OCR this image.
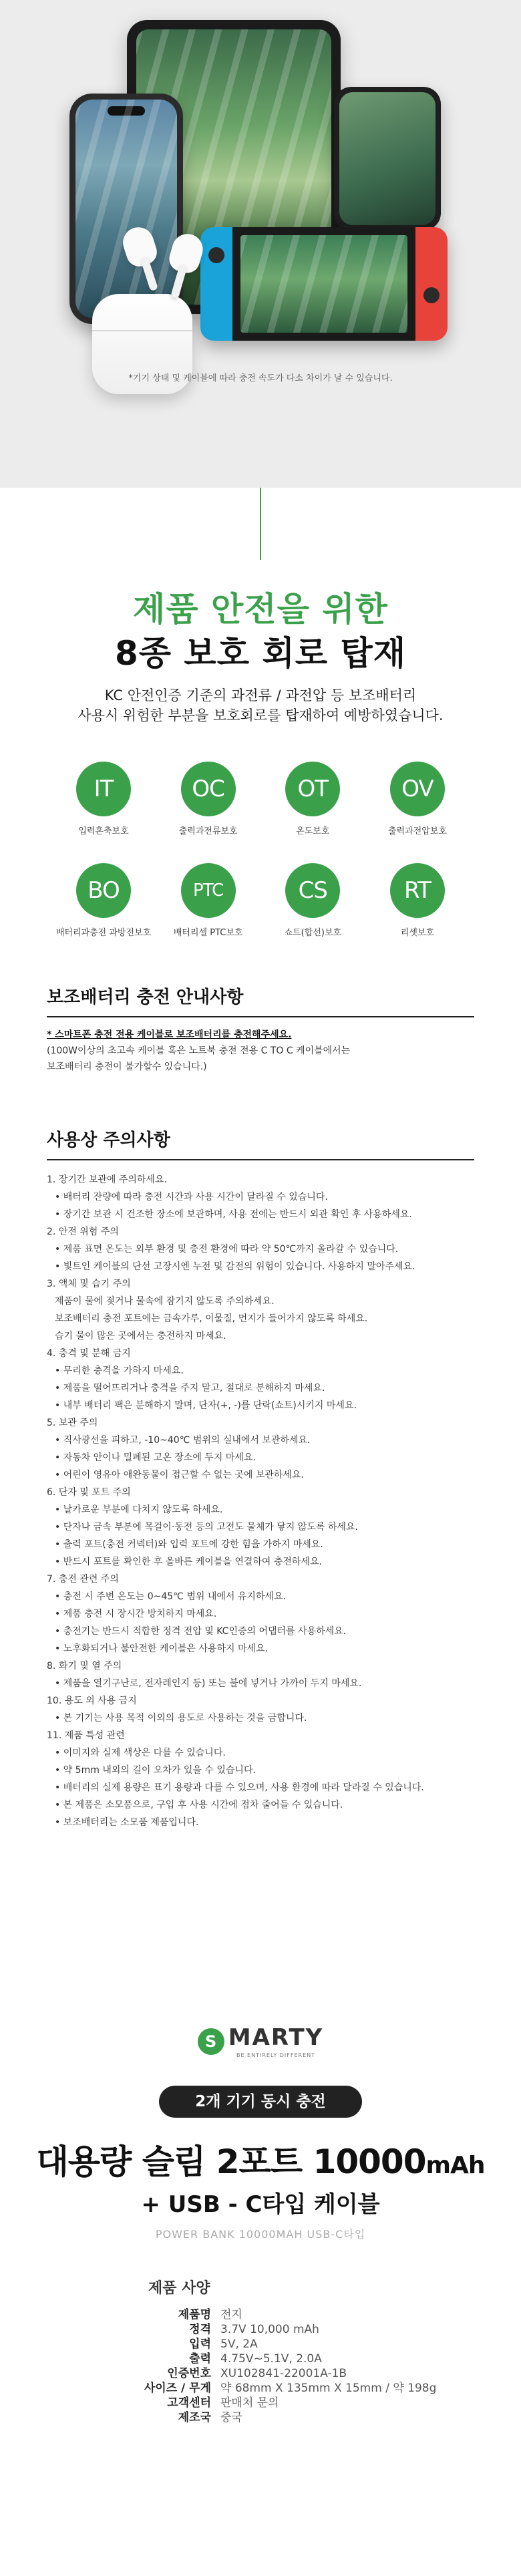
*기기 상태 및 케이블에 따라 충전 속도가 다소 차이가 날 수 있습니다.

제품 안전을 위한
8종 보호 회로 탑재
KC 안전인증 기준의 과전류 / 과전압 등 보조배터리
사용시 위험한 부분을 보호회로를 탑재하여 예방하였습니다.
IT
입력혼축보호
OC
출력과전류보호
OT
온도보호
OV
출력과전압보호
BO
배터리과충전 과방전보호
PTC
배터리셀 PTC보호
CS
쇼트(합선)보호
RT
리셋보호
보조배터리 충전 안내사항
* 스마트폰 충전 전용 케이블로 보조배터리를 충전해주세요.
(100W이상의 초고속 케이블 혹은 노트북 충전 전용 C TO C 케이블에서는
보조배터리 충전이 불가할수 있습니다.)
사용상 주의사항
1. 장기간 보관에 주의하세요.
• 배터리 잔량에 따라 충전 시간과 사용 시간이 달라질 수 있습니다.
• 장기간 보관 시 건조한 장소에 보관하며, 사용 전에는 반드시 외관 확인 후 사용하세요.
2. 안전 위험 주의
• 제품 표면 온도는 외부 환경 및 충전 환경에 따라 약 50℃까지 올라갈 수 있습니다.
• 빛트인 케이블의 단선 고장시엔 누전 및 감전의 위험이 있습니다. 사용하지 말아주세요.
3. 액체 및 습기 주의
제품이 물에 젖거나 물속에 잠기지 않도록 주의하세요.
보조배터리 충전 포트에는 금속가루, 이물질, 먼지가 들어가지 않도록 하세요.
습기 물이 많은 곳에서는 충전하지 마세요.
4. 충격 및 분해 금지
• 무리한 충격을 가하지 마세요.
• 제품을 떨어뜨리거나 충격을 주지 말고, 절대로 분해하지 마세요.
• 내부 배터리 팩은 분해하지 말며, 단자(+, -)를 단락(쇼트)시키지 마세요.
5. 보관 주의
• 직사광선을 피하고, -10~40℃ 범위의 실내에서 보관하세요.
• 자동차 안이나 밀폐된 고온 장소에 두지 마세요.
• 어린이 영유아 애완동물이 접근할 수 없는 곳에 보관하세요.
6. 단자 및 포트 주의
• 날카로운 부분에 다치지 않도록 하세요.
• 단자나 금속 부분에 목걸이·동전 등의 고전도 물체가 닿지 않도록 하세요.
• 출력 포트(충전 커넥터)와 입력 포트에 강한 힘을 가하지 마세요.
• 반드시 포트를 확인한 후 올바른 케이블을 연결하여 충전하세요.
7. 충전 관련 주의
• 충전 시 주변 온도는 0~45℃ 범위 내에서 유지하세요.
• 제품 충전 시 장시간 방치하지 마세요.
• 충전기는 반드시 적합한 정격 전압 및 KC인증의 어댑터를 사용하세요.
• 노후화되거나 불안전한 케이블은 사용하지 마세요.
8. 화기 및 열 주의
• 제품을 열기구난로, 전자레인지 등) 또는 불에 넣거나 가까이 두지 마세요.
10. 용도 외 사용 금지
• 본 기기는 사용 목적 이외의 용도로 사용하는 것을 금합니다.
11. 제품 특성 관련
• 이미지와 실제 색상은 다를 수 있습니다.
• 약 5mm 내외의 길이 오차가 있을 수 있습니다.
• 배터리의 실제 용량은 표기 용량과 다를 수 있으며, 사용 환경에 따라 달라질 수 있습니다.
• 본 제품은 소모품으로, 구입 후 사용 시간에 점차 줄어들 수 있습니다.
• 보조배터리는 소모품 제품입니다.
S MARTY
BE ENTIRELY DIFFERENT
2개 기기 동시 충전
대용량 슬림 2포트 10000mAh
+ USB - C타입 케이블

POWER BANK 10000MAH USB-C타입

제품 사양
제품명 전지
정격 3.7V 10,000 mAh
입력 5V, 2A
출력 4.75V~5.1V, 2.0A
인증번호 XU102841-22001A-1B
사이즈 / 무게 약 68mm X 135mm X 15mm / 약 198g
고객센터 판매처 문의
제조국 중국
